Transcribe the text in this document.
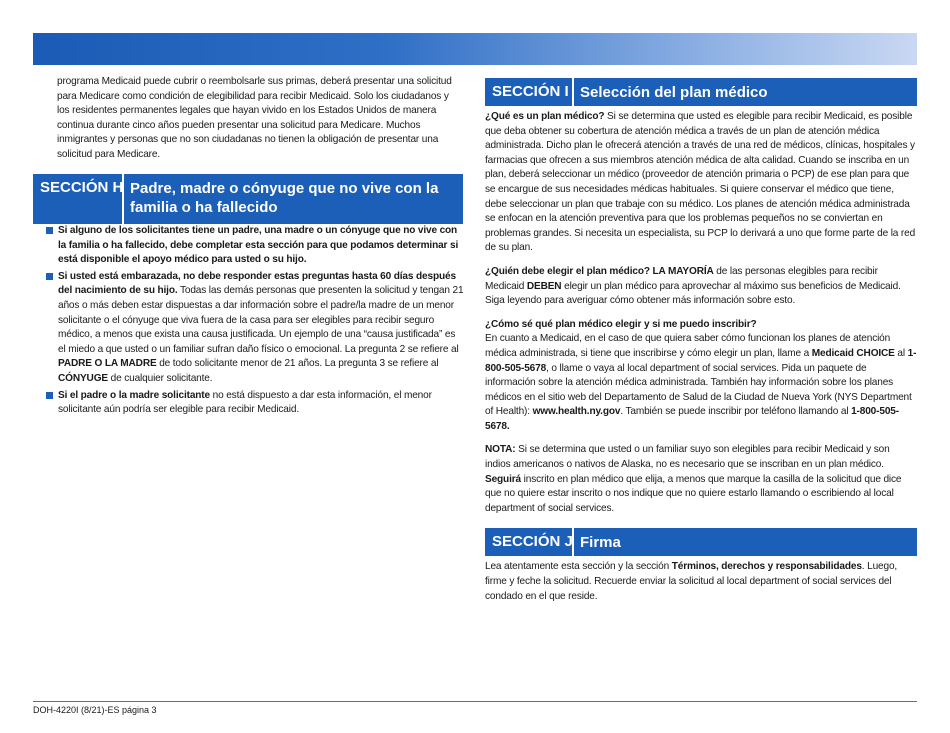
programa Medicaid puede cubrir o reembolsarle sus primas, deberá presentar una solicitud para Medicare como condición de elegibilidad para recibir Medicaid. Solo los ciudadanos y los residentes permanentes legales que hayan vivido en los Estados Unidos de manera continua durante cinco años pueden presentar una solicitud para Medicare. Muchos inmigrantes y personas que no son ciudadanas no tienen la obligación de presentar una solicitud para Medicare.

SECCIÓN H Padre, madre o cónyuge que no vive con la familia o ha fallecido
Si alguno de los solicitantes tiene un padre, una madre o un cónyuge que no vive con la familia o ha fallecido, debe completar esta sección para que podamos determinar si está disponible el apoyo médico para usted o su hijo.
Si usted está embarazada, no debe responder estas preguntas hasta 60 días después del nacimiento de su hijo. Todas las demás personas que presenten la solicitud y tengan 21 años o más deben estar dispuestas a dar información sobre el padre/la madre de un menor solicitante o el cónyuge que viva fuera de la casa para ser elegibles para recibir seguro médico, a menos que exista una causa justificada. Un ejemplo de una “causa justificada” es el miedo a que usted o un familiar sufran daño físico o emocional. La pregunta 2 se refiere al PADRE O LA MADRE de todo solicitante menor de 21 años. La pregunta 3 se refiere al CÓNYUGE de cualquier solicitante.
Si el padre o la madre solicitante no está dispuesto a dar esta información, el menor solicitante aún podría ser elegible para recibir Medicaid.
SECCIÓN I Selección del plan médico

¿Qué es un plan médico? Si se determina que usted es elegible para recibir Medicaid, es posible que deba obtener su cobertura de atención médica a través de un plan de atención médica administrada. Dicho plan le ofrecerá atención a través de una red de médicos, clínicas, hospitales y farmacias que ofrecen a sus miembros atención médica de alta calidad. Cuando se inscriba en un plan, deberá seleccionar un médico (proveedor de atención primaria o PCP) de ese plan para que se encargue de sus necesidades médicas habituales. Si quiere conservar el médico que tiene, debe seleccionar un plan que trabaje con su médico. Los planes de atención médica administrada se enfocan en la atención preventiva para que los problemas pequeños no se conviertan en problemas grandes. Si necesita un especialista, su PCP lo derivará a uno que forme parte de la red de su plan.

¿Quién debe elegir el plan médico? LA MAYORÍA de las personas elegibles para recibir Medicaid DEBEN elegir un plan médico para aprovechar al máximo sus beneficios de Medicaid. Siga leyendo para averiguar cómo obtener más información sobre esto.

¿Cómo sé qué plan médico elegir y si me puedo inscribir?

En cuanto a Medicaid, en el caso de que quiera saber cómo funcionan los planes de atención médica administrada, si tiene que inscribirse y cómo elegir un plan, llame a Medicaid CHOICE al 1-800-505-5678, o llame o vaya al local department of social services. Pida un paquete de información sobre la atención médica administrada. También hay información sobre los planes médicos en el sitio web del Departamento de Salud de la Ciudad de Nueva York (NYS Department of Health): www.health.ny.gov. También se puede inscribir por teléfono llamando al 1-800-505-5678.

NOTA: Si se determina que usted o un familiar suyo son elegibles para recibir Medicaid y son indios americanos o nativos de Alaska, no es necesario que se inscriban en un plan médico. Seguirá inscrito en plan médico que elija, a menos que marque la casilla de la solicitud que dice que no quiere estar inscrito o nos indique que no quiere estarlo llamando o escribiendo al local department of social services.

SECCIÓN J Firma

Lea atentamente esta sección y la sección Términos, derechos y responsabilidades. Luego, firme y feche la solicitud. Recuerde enviar la solicitud al local department of social services del condado en el que reside.

DOH-4220I (8/21)-ES página 3
